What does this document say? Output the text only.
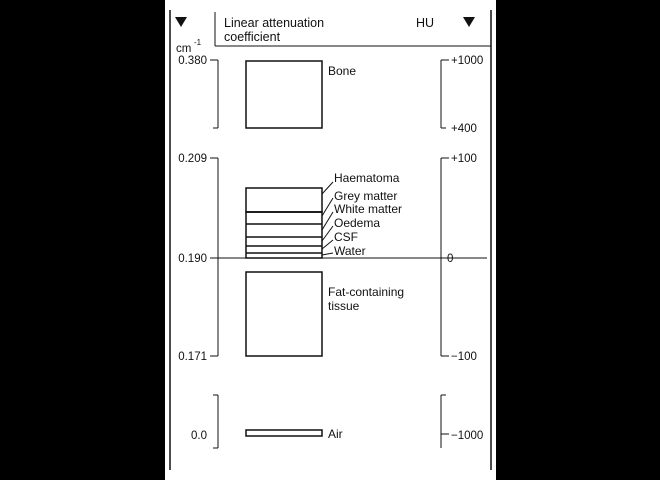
Linear attenuation
coefficient
cm
-1
HU
0.380
0.209
0.190
0.171
0.0
+1000
+400
+100
0
−100
−1000
Bone
Haematoma
Grey matter
White matter
Oedema
CSF
Water
Fat-containing
tissue
Air
